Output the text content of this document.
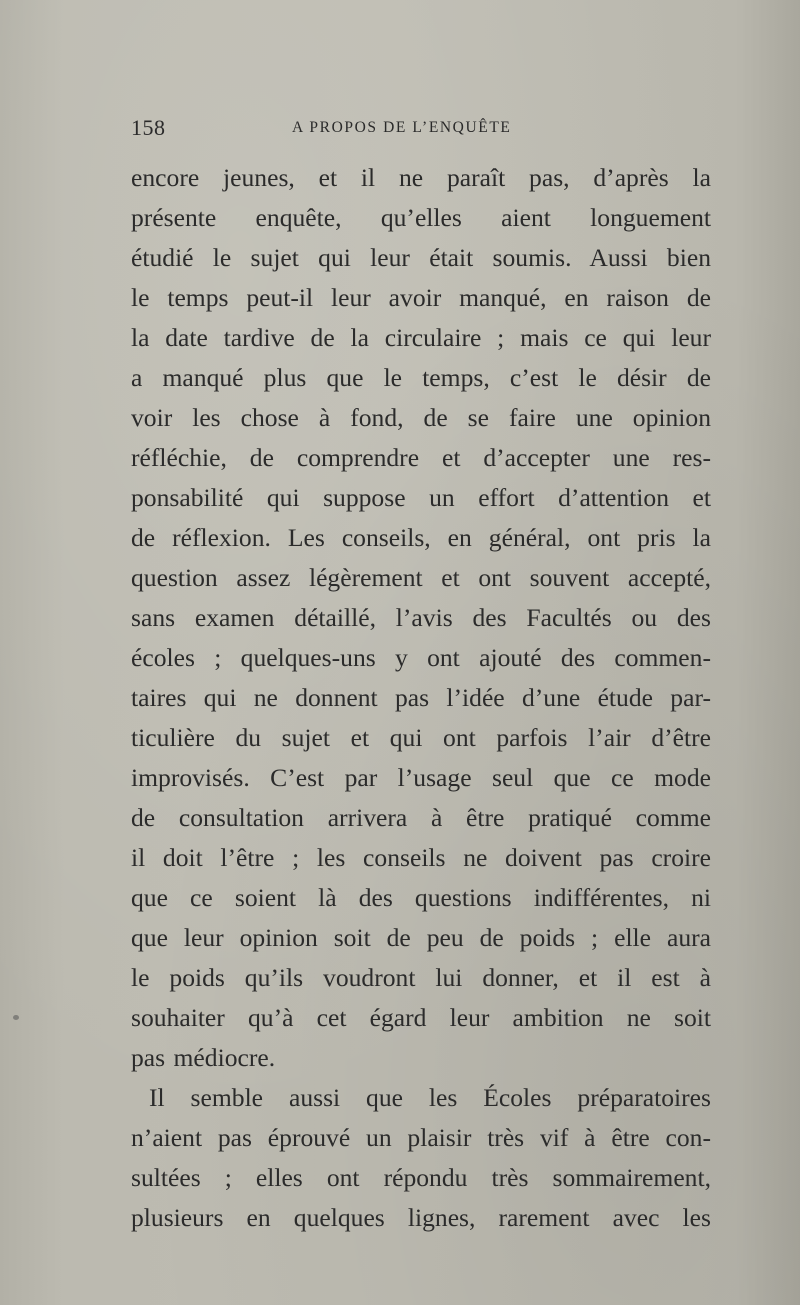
158	A PROPOS DE L’ENQUÊTE
encore jeunes, et il ne paraît pas, d’après la
présente enquête, qu’elles aient longuement
étudié le sujet qui leur était soumis. Aussi bien
le temps peut-il leur avoir manqué, en raison de
la date tardive de la circulaire ; mais ce qui leur
a manqué plus que le temps, c’est le désir de
voir les chose à fond, de se faire une opinion
réfléchie, de comprendre et d’accepter une res-
ponsabilité qui suppose un effort d’attention et
de réflexion. Les conseils, en général, ont pris la
question assez légèrement et ont souvent accepté,
sans examen détaillé, l’avis des Facultés ou des
écoles ; quelques-uns y ont ajouté des commen-
taires qui ne donnent pas l’idée d’une étude par-
ticulière du sujet et qui ont parfois l’air d’être
improvisés. C’est par l’usage seul que ce mode
de consultation arrivera à être pratiqué comme
il doit l’être ; les conseils ne doivent pas croire
que ce soient là des questions indifférentes, ni
que leur opinion soit de peu de poids ; elle aura
le poids qu’ils voudront lui donner, et il est à
souhaiter qu’à cet égard leur ambition ne soit
pas médiocre.
Il semble aussi que les Écoles préparatoires
n’aient pas éprouvé un plaisir très vif à être con-
sultées ; elles ont répondu très sommairement,
plusieurs en quelques lignes, rarement avec les
